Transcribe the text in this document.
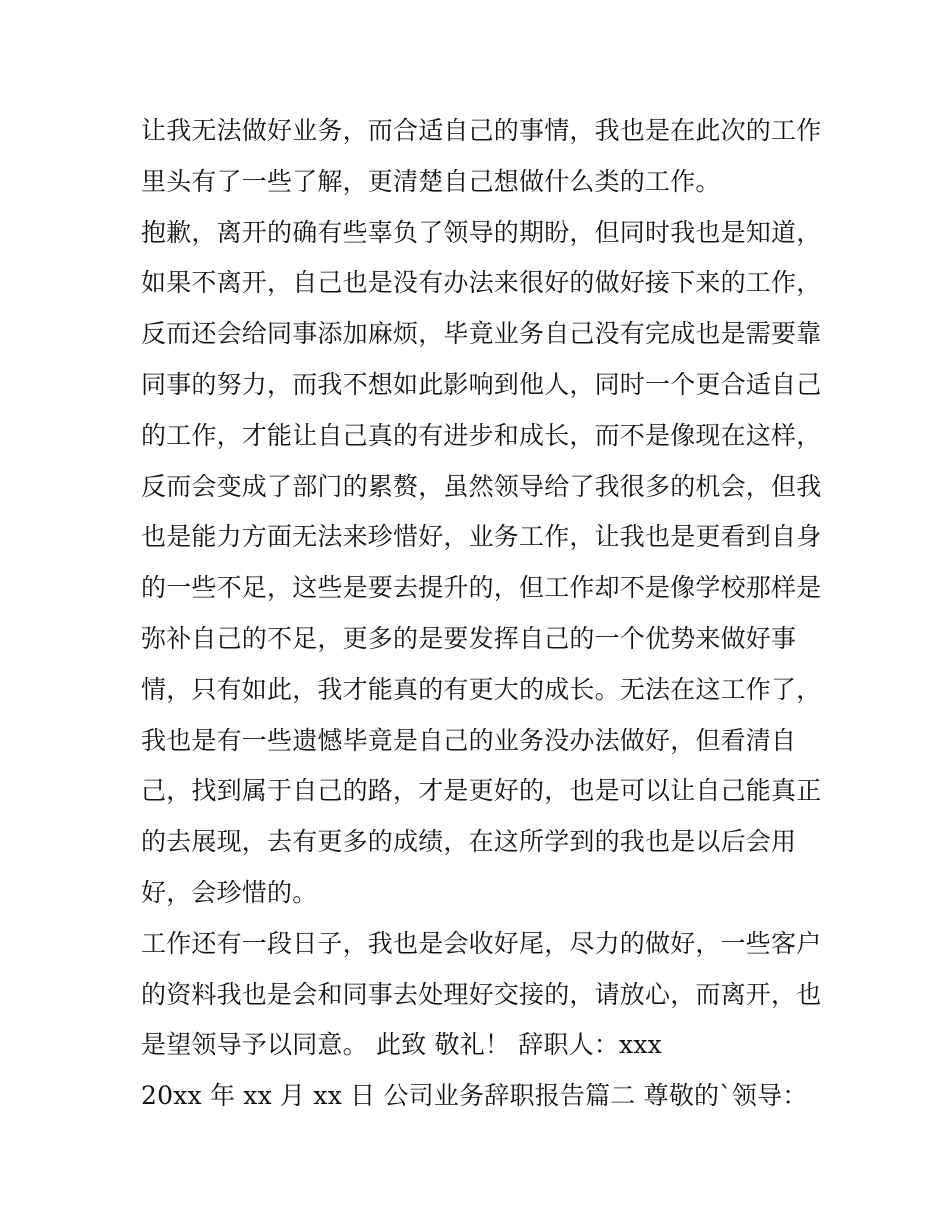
让我无法做好业务，而合适自己的事情，我也是在此次的工作
里头有了一些了解，更清楚自己想做什么类的工作。
抱歉，离开的确有些辜负了领导的期盼，但同时我也是知道，
如果不离开，自己也是没有办法来很好的做好接下来的工作，
反而还会给同事添加麻烦，毕竟业务自己没有完成也是需要靠
同事的努力，而我不想如此影响到他人，同时一个更合适自己
的工作，才能让自己真的有进步和成长，而不是像现在这样，
反而会变成了部门的累赘，虽然领导给了我很多的机会，但我
也是能力方面无法来珍惜好，业务工作，让我也是更看到自身
的一些不足，这些是要去提升的，但工作却不是像学校那样是
弥补自己的不足，更多的是要发挥自己的一个优势来做好事
情，只有如此，我才能真的有更大的成长。无法在这工作了，
我也是有一些遗憾毕竟是自己的业务没办法做好，但看清自
己，找到属于自己的路，才是更好的，也是可以让自己能真正
的去展现，去有更多的成绩，在这所学到的我也是以后会用
好，会珍惜的。
工作还有一段日子，我也是会收好尾，尽力的做好，一些客户
的资料我也是会和同事去处理好交接的，请放心，而离开，也
是望领导予以同意。 此致 敬礼！ 辞职人：xxx
20xx 年 xx 月 xx 日 公司业务辞职报告篇二 尊敬的`领导：
